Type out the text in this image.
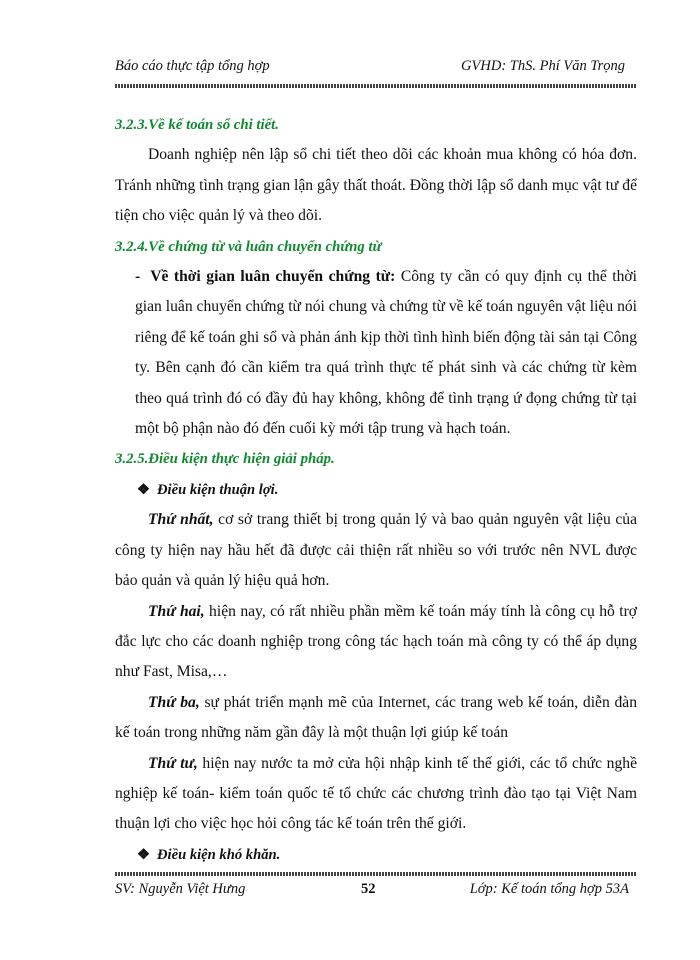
Báo cáo thực tập tổng hợp	GVHD: ThS. Phí Văn Trọng

3.2.3.Về kế toán sổ chi tiết.

Doanh nghiệp nên lập sổ chi tiết theo dõi các khoản mua không có hóa đơn. Tránh những tình trạng gian lận gây thất thoát. Đồng thời lập sổ danh mục vật tư để tiện cho việc quản lý và theo dõi.

3.2.4.Về chứng từ và luân chuyển chứng từ

- Về thời gian luân chuyển chứng từ: Công ty cần có quy định cụ thể thời gian luân chuyển chứng từ nói chung và chứng từ về kế toán nguyên vật liệu nói riêng để kế toán ghi sổ và phản ánh kịp thời tình hình biến động tài sản tại Công ty. Bên cạnh đó cần kiểm tra quá trình thực tế phát sinh và các chứng từ kèm theo quá trình đó có đầy đủ hay không, không để tình trạng ứ đọng chứng từ tại một bộ phận nào đó đến cuối kỳ mới tập trung và hạch toán.

3.2.5.Điều kiện thực hiện giải pháp.

❖ Điều kiện thuận lợi.

Thứ nhất, cơ sở trang thiết bị trong quản lý và bao quản nguyên vật liệu của công ty hiện nay hầu hết đã được cải thiện rất nhiều so với trước nên NVL được bảo quản và quản lý hiệu quả hơn.

Thứ hai, hiện nay, có rất nhiều phần mềm kế toán máy tính là công cụ hỗ trợ đắc lực cho các doanh nghiệp trong công tác hạch toán mà công ty có thể áp dụng như Fast, Misa,…

Thứ ba, sự phát triển mạnh mẽ của Internet, các trang web kế toán, diễn đàn kế toán trong những năm gần đây là một thuận lợi giúp kế toán

Thứ tư, hiện nay nước ta mở cửa hội nhập kinh tế thế giới, các tổ chức nghề nghiệp kế toán- kiểm toán quốc tế tổ chức các chương trình đào tạo tại Việt Nam thuận lợi cho việc học hỏi công tác kế toán trên thế giới.

❖ Điều kiện khó khăn.

SV: Nguyễn Việt Hưng	52	Lớp: Kế toán tổng hợp 53A
